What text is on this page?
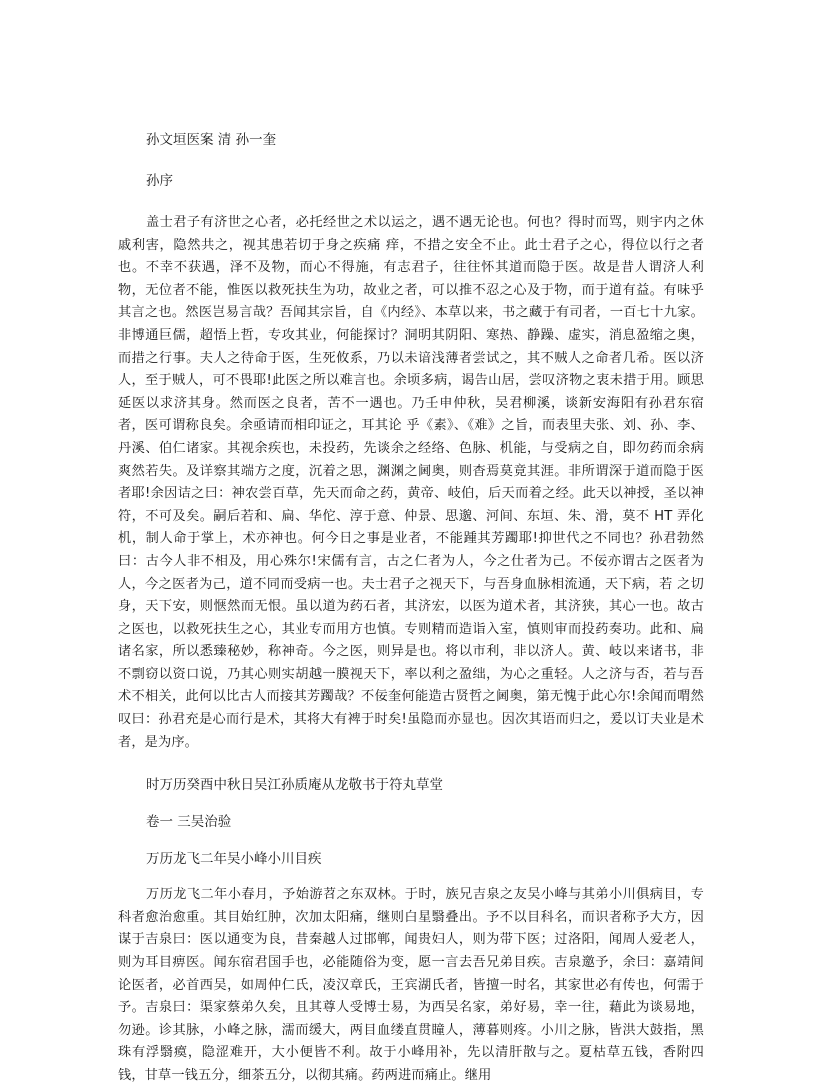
孙文垣医案 清 孙一奎
孙序

盖士君子有济世之心者，必托经世之术以运之，遇不遇无论也。何也？得时而骂，则宇内之休戚利害，隐然共之，视其患若切于身之疾痛 痒，不措之安全不止。此士君子之心，得位以行之者也。不幸不获遇，泽不及物，而心不得施，有志君子，往往怀其道而隐于医。故是昔人谓济人利物，无位者不能，惟医以救死扶生为功，故业之者，可以推不忍之心及于物，而于道有益。有味乎其言之也。然医岂易言哉？吾闻其宗旨，自《内经》、本草以来，书之藏于有司者，一百七十九家。非博通巨儒，超悟上哲，专攻其业，何能探讨？洞明其阴阳、寒热、静躁、虚实，消息盈缩之奥，而措之行事。夫人之待命于医，生死攸系，乃以未谙浅薄者尝试之，其不贼人之命者几希。医以济人，至于贼人，可不畏耶!此医之所以难言也。余顷多病，谒告山居，尝叹济物之衷未措于用。顾思延医以求济其身。然而医之良者，苦不一遇也。乃壬申仲秋，吴君柳溪，谈新安海阳有孙君东宿者，医可谓称良矣。余亟请而相印证之，耳其论 乎《素》、《难》之旨，而表里夫张、刘、孙、李、丹溪、伯仁诸家。其视余疾也，未投药，先谈余之经络、色脉、机能，与受病之自，即勿药而余病爽然若失。及详察其端方之度，沉着之思，渊渊之阃奥，则杳焉莫竟其涯。非所谓深于道而隐于医者耶!余因诘之曰：神农尝百草，先天而命之药，黄帝、岐伯，后天而着之经。此天以神授，圣以神符，不可及矣。嗣后若和、扁、华佗、淳于意、仲景、思邈、河间、东垣、朱、滑，莫不 HT 弄化机，制人命于掌上，术亦神也。何今日之事是业者，不能踵其芳躅耶!抑世代之不同也？孙君勃然曰：古今人非不相及，用心殊尔!宋儒有言，古之仁者为人，今之仕者为己。不佞亦谓古之医者为人，今之医者为己，道不同而受病一也。夫士君子之视天下，与吾身血脉相流通，天下病，若 之切身，天下安，则惬然而无恨。虽以道为药石者，其济宏，以医为道术者，其济狭，其心一也。故古之医也，以救死扶生之心，其业专而用方也慎。专则精而造诣入室，慎则审而投药奏功。此和、扁诸名家，所以悉臻秘妙，称神奇。今之医，则异是也。将以市利，非以济人。黄、岐以来诸书，非不剽窃以资口说，乃其心则实胡越一膜视天下，率以利之盈绌，为心之重轻。人之济与否，若与吾术不相关，此何以比古人而接其芳躅哉？不佞奎何能造古贤哲之阃奥，第无愧于此心尔!余闻而喟然叹曰：孙君充是心而行是术，其将大有裨于时矣!虽隐而亦显也。因次其语而归之，爰以订夫业是术者，是为序。

时万历癸酉中秋日吴江孙质庵从龙敬书于符丸草堂
卷一 三吴治验
万历龙飞二年吴小峰小川目疾

万历龙飞二年小春月，予始游苕之东双林。于时，族兄吉泉之友吴小峰与其弟小川俱病目，专科者愈治愈重。其目始红肿，次加太阳痛，继则白星翳叠出。予不以目科名，而识者称予大方，因谋于吉泉曰：医以通变为良，昔秦越人过邯郸，闻贵妇人，则为带下医；过洛阳，闻周人爱老人，则为耳目痹医。闻东宿君国手也，必能随俗为变，愿一言去吾兄弟目疾。吉泉邀予，余曰：嘉靖间论医者，必首西吴，如周仲仁氏，凌汉章氏，王宾湖氏者，皆擅一时名，其家世必有传也，何需于予。吉泉曰：渠家蔡弟久矣，且其尊人受博士易，为西吴名家，弟好易，幸一往，藉此为谈易地，勿逊。诊其脉，小峰之脉，濡而缓大，两目血缕直贯瞳人，薄暮则疼。小川之脉，皆洪大鼓指，黑珠有浮翳瘼，隐涩难开，大小便皆不利。故于小峰用补，先以清肝散与之。夏枯草五钱，香附四钱，甘草一钱五分，细茶五分，以彻其痛。药两进而痛止。继用
